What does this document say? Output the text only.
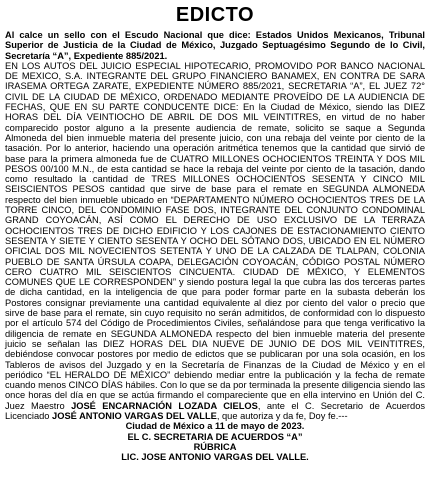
EDICTO

Al calce un sello con el Escudo Nacional que dice: Estados Unidos Mexicanos, Tribunal Superior de Justicia de la Ciudad de México, Juzgado Septuagésimo Segundo de lo Civil, Secretaría “A”, Expediente 885/2021.

EN LOS AUTOS DEL JUICIO ESPECIAL HIPOTECARIO, PROMOVIDO POR BANCO NACIONAL DE MEXICO, S.A. INTEGRANTE DEL GRUPO FINANCIERO BANAMEX, EN CONTRA DE SARA IRASEMA ORTEGA ZARATE, EXPEDIENTE NÚMERO 885/2021, SECRETARIA “A”, EL JUEZ 72° CIVIL DE LA CIUDAD DE MÉXICO, ORDENADO MEDIANTE PROVEÍDO DE LA AUDIENCIA DE FECHAS, QUE EN SU PARTE CONDUCENTE DICE: En la Ciudad de México, siendo las DIEZ HORAS DEL DÍA VEINTIOCHO DE ABRIL DE DOS MIL VEINTITRES, en virtud de no haber comparecido postor alguno a la presente audiencia de remate, solicito se saque a Segunda Almoneda del bien inmueble materia del presente juicio, con una rebaja del veinte por ciento de la tasación. Por lo anterior, haciendo una operación aritmética tenemos que la cantidad que sirvió de base para la primera almoneda fue de CUATRO MILLONES OCHOCIENTOS TREINTA Y DOS MIL PESOS 00/100 M.N., de esta cantidad se hace la rebaja del veinte por ciento de la tasación, dando como resultado la cantidad de TRES MILLONES OCHOCIENTOS SESENTA Y CINCO MIL SEISCIENTOS PESOS cantidad que sirve de base para el remate en SEGUNDA ALMONEDA respecto del bien inmueble ubicado en “DEPARTAMENTO NÚMERO OCHOCIENTOS TRES DE LA TORRE CINCO, DEL CONDOMINIO FASE DOS, INTEGRANTE DEL CONJUNTO CONDOMINAL GRAND COYOACÁN, ASÍ COMO EL DERECHO DE USO EXCLUSIVO DE LA TERRAZA OCHOCIENTOS TRES DE DICHO EDIFICIO Y LOS CAJONES DE ESTACIONAMIENTO CIENTO SESENTA Y SIETE Y CIENTO SESENTA Y OCHO DEL SÓTANO DOS, UBICADO EN EL NÚMERO OFICIAL DOS MIL NOVECIENTOS SETENTA Y UNO DE LA CALZADA DE TLALPAN, COLONIA PUEBLO DE SANTA ÚRSULA COAPA, DELEGACIÓN COYOACÁN, CÓDIGO POSTAL NÚMERO CERO CUATRO MIL SEISCIENTOS CINCUENTA. CIUDAD DE MÉXICO, Y ELEMENTOS COMUNES QUE LE CORRESPONDEN” y siendo postura legal la que cubra las dos terceras partes de dicha cantidad, en la inteligencia de que para poder formar parte en la subasta deberán los Postores consignar previamente una cantidad equivalente al diez por ciento del valor o precio que sirve de base para el remate, sin cuyo requisito no serán admitidos, de conformidad con lo dispuesto por el artículo 574 del Código de Procedimientos Civiles, señalándose para que tenga verificativo la diligencia de remate en SEGUNDA ALMONEDA respecto del bien inmueble materia del presente juicio se señalan las DIEZ HORAS DEL DIA NUEVE DE JUNIO DE DOS MIL VEINTITRES, debiéndose convocar postores por medio de edictos que se publicaran por una sola ocasión, en los Tableros de avisos del Juzgado y en la Secretaría de Finanzas de la Ciudad de México y en el periódico “EL HERALDO DE MÉXICO” debiendo mediar entre la publicación y la fecha de remate cuando menos CINCO DÍAS hábiles. Con lo que se da por terminada la presente diligencia siendo las once horas del día en que se actúa firmando el compareciente que en ella intervino en Unión del C. Juez Maestro JOSÉ ENCARNACIÓN LOZADA CIELOS, ante el C. Secretario de Acuerdos Licenciado JOSÉ ANTONIO VARGAS DEL VALLE, que autoriza y da fe, Doy fe.---

Ciudad de México a 11 de mayo de 2023.

EL C. SECRETARIA DE ACUERDOS “A”

RÚBRICA

LIC. JOSE ANTONIO VARGAS DEL VALLE.
